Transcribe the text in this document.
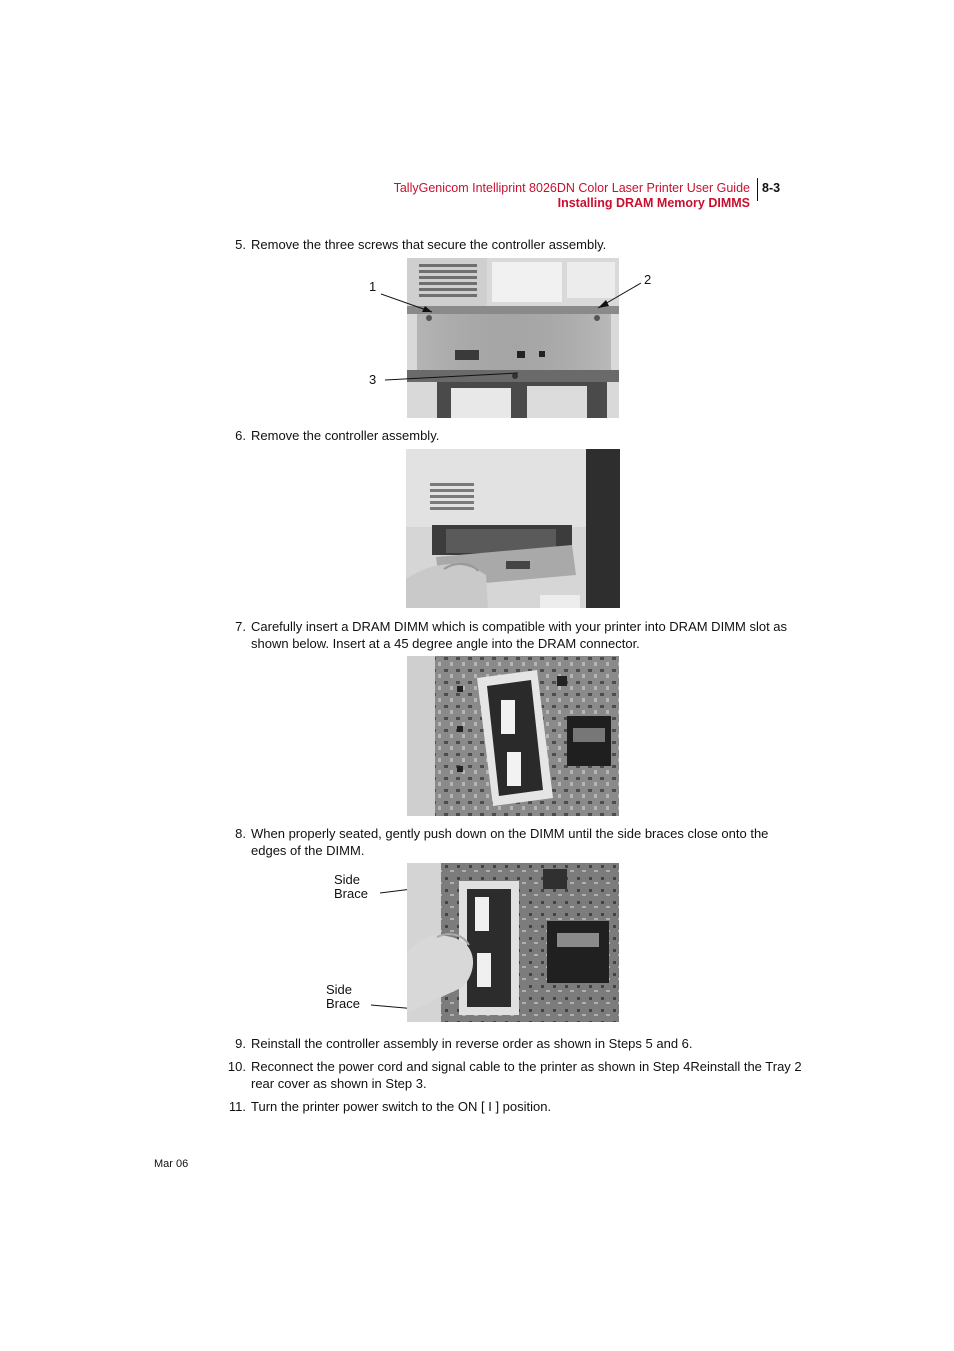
TallyGenicom Intelliprint 8026DN Color Laser Printer User Guide
Installing DRAM Memory DIMMS
8-3
5. Remove the three screws that secure the controller assembly.
1	2
3
6. Remove the controller assembly.
7. Carefully insert a DRAM DIMM which is compatible with your printer into DRAM DIMM slot as shown below. Insert at a 45 degree angle into the DRAM connector.
8. When properly seated, gently push down on the DIMM until the side braces close onto the edges of the DIMM.
Side
Brace
Side
Brace
9. Reinstall the controller assembly in reverse order as shown in Steps 5 and 6.
10. Reconnect the power cord and signal cable to the printer as shown in Step 4Reinstall the Tray 2 rear cover as shown in Step 3.
11. Turn the printer power switch to the ON [ I ] position.
Mar 06
